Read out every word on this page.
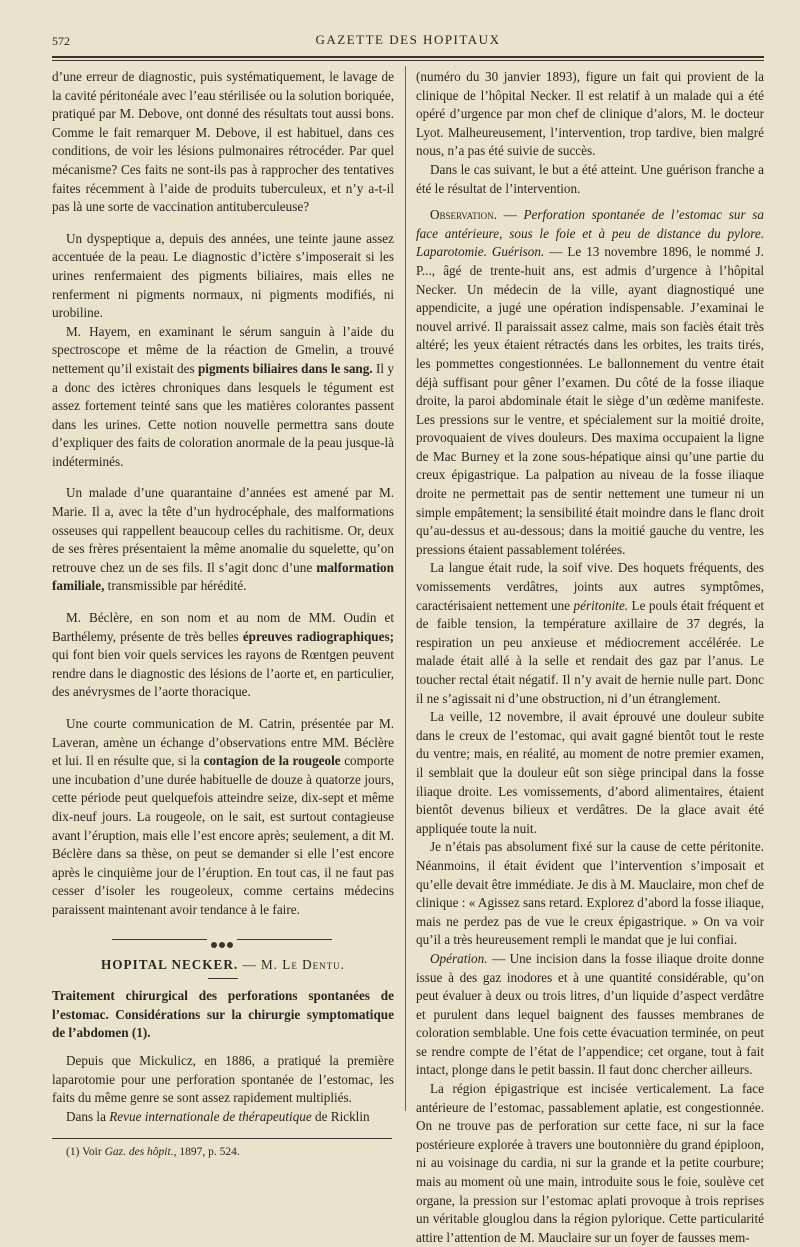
572	GAZETTE DES HOPITAUX

d’une erreur de diagnostic, puis systématiquement, le lavage de la cavité péritonéale avec l’eau stérilisée ou la solution boriquée, pratiqué par M. Debove, ont donné des résultats tout aussi bons. Comme le fait remarquer M. Debove, il est habituel, dans ces conditions, de voir les lésions pulmonaires rétrocéder. Par quel mécanisme? Ces faits ne sont-ils pas à rapprocher des tentatives faites récemment à l’aide de produits tuberculeux, et n’y a-t-il pas là une sorte de vaccination antituberculeuse?

Un dyspeptique a, depuis des années, une teinte jaune assez accentuée de la peau. Le diagnostic d’ictère s’imposerait si les urines renfermaient des pigments biliaires, mais elles ne renferment ni pigments normaux, ni pigments modifiés, ni urobiline.

M. Hayem, en examinant le sérum sanguin à l’aide du spectroscope et même de la réaction de Gmelin, a trouvé nettement qu’il existait des pigments biliaires dans le sang. Il y a donc des ictères chroniques dans lesquels le tégument est assez fortement teinté sans que les matières colorantes passent dans les urines. Cette notion nouvelle permettra sans doute d’expliquer des faits de coloration anormale de la peau jusque-là indéterminés.

Un malade d’une quarantaine d’années est amené par M. Marie. Il a, avec la tête d’un hydrocéphale, des malformations osseuses qui rappellent beaucoup celles du rachitisme. Or, deux de ses frères présentaient la même anomalie du squelette, qu’on retrouve chez un de ses fils. Il s’agit donc d’une malformation familiale, transmissible par hérédité.

M. Béclère, en son nom et au nom de MM. Oudin et Barthélemy, présente de très belles épreuves radiographiques; qui font bien voir quels services les rayons de Rœntgen peuvent rendre dans le diagnostic des lésions de l’aorte et, en particulier, des anévrysmes de l’aorte thoracique.

Une courte communication de M. Catrin, présentée par M. Laveran, amène un échange d’observations entre MM. Béclère et lui. Il en résulte que, si la contagion de la rougeole comporte une incubation d’une durée habituelle de douze à quatorze jours, cette période peut quelquefois atteindre seize, dix-sept et même dix-neuf jours. La rougeole, on le sait, est surtout contagieuse avant l’éruption, mais elle l’est encore après; seulement, a dit M. Béclère dans sa thèse, on peut se demander si elle l’est encore après le cinquième jour de l’éruption. En tout cas, il ne faut pas cesser d’isoler les rougeoleux, comme certains médecins paraissent maintenant avoir tendance à le faire.

HOPITAL NECKER. — M. Le Dentu.

Traitement chirurgical des perforations spontanées de l’estomac. Considérations sur la chirurgie symptomatique de l’abdomen (1).

Depuis que Mickulicz, en 1886, a pratiqué la première laparotomie pour une perforation spontanée de l’estomac, les faits du même genre se sont assez rapidement multipliés.

Dans la Revue internationale de thérapeutique de Ricklin

(1) Voir Gaz. des hôpit., 1897, p. 524.

(numéro du 30 janvier 1893), figure un fait qui provient de la clinique de l’hôpital Necker. Il est relatif à un malade qui a été opéré d’urgence par mon chef de clinique d’alors, M. le docteur Lyot. Malheureusement, l’intervention, trop tardive, bien malgré nous, n’a pas été suivie de succès.

Dans le cas suivant, le but a été atteint. Une guérison franche a été le résultat de l’intervention.

Observation. — Perforation spontanée de l’estomac sur sa face antérieure, sous le foie et à peu de distance du pylore. Laparotomie. Guérison. — Le 13 novembre 1896, le nommé J. P..., âgé de trente-huit ans, est admis d’urgence à l’hôpital Necker. Un médecin de la ville, ayant diagnostiqué une appendicite, a jugé une opération indispensable. J’examinai le nouvel arrivé. Il paraissait assez calme, mais son faciès était très altéré; les yeux étaient rétractés dans les orbites, les traits tirés, les pommettes congestionnées. Le ballonnement du ventre était déjà suffisant pour gêner l’examen. Du côté de la fosse iliaque droite, la paroi abdominale était le siège d’un œdème manifeste. Les pressions sur le ventre, et spécialement sur la moitié droite, provoquaient de vives douleurs. Des maxima occupaient la ligne de Mac Burney et la zone sous-hépatique ainsi qu’une partie du creux épigastrique. La palpation au niveau de la fosse iliaque droite ne permettait pas de sentir nettement une tumeur ni un simple empâtement; la sensibilité était moindre dans le flanc droit qu’au-dessus et au-dessous; dans la moitié gauche du ventre, les pressions étaient passablement tolérées.

La langue était rude, la soif vive. Des hoquets fréquents, des vomissements verdâtres, joints aux autres symptômes, caractérisaient nettement une péritonite. Le pouls était fréquent et de faible tension, la température axillaire de 37 degrés, la respiration un peu anxieuse et médiocrement accélérée. Le malade était allé à la selle et rendait des gaz par l’anus. Le toucher rectal était négatif. Il n’y avait de hernie nulle part. Donc il ne s’agissait ni d’une obstruction, ni d’un étranglement.

La veille, 12 novembre, il avait éprouvé une douleur subite dans le creux de l’estomac, qui avait gagné bientôt tout le reste du ventre; mais, en réalité, au moment de notre premier examen, il semblait que la douleur eût son siège principal dans la fosse iliaque droite. Les vomissements, d’abord alimentaires, étaient bientôt devenus bilieux et verdâtres. De la glace avait été appliquée toute la nuit.

Je n’étais pas absolument fixé sur la cause de cette péritonite. Néanmoins, il était évident que l’intervention s’imposait et qu’elle devait être immédiate. Je dis à M. Mauclaire, mon chef de clinique : « Agissez sans retard. Explorez d’abord la fosse iliaque, mais ne perdez pas de vue le creux épigastrique. » On va voir qu’il a très heureusement rempli le mandat que je lui confiai.

Opération. — Une incision dans la fosse iliaque droite donne issue à des gaz inodores et à une quantité considérable, qu’on peut évaluer à deux ou trois litres, d’un liquide d’aspect verdâtre et purulent dans lequel baignent des fausses membranes de coloration semblable. Une fois cette évacuation terminée, on peut se rendre compte de l’état de l’appendice; cet organe, tout à fait intact, plonge dans le petit bassin. Il faut donc chercher ailleurs.

La région épigastrique est incisée verticalement. La face antérieure de l’estomac, passablement aplatie, est congestionnée. On ne trouve pas de perforation sur cette face, ni sur la face postérieure explorée à travers une boutonnière du grand épiploon, ni au voisinage du cardia, ni sur la grande et la petite courbure; mais au moment où une main, introduite sous le foie, soulève cet organe, la pression sur l’estomac aplati provoque à trois reprises un véritable glouglou dans la région pylorique. Cette particularité attire l’attention de M. Mauclaire sur un foyer de fausses mem-
